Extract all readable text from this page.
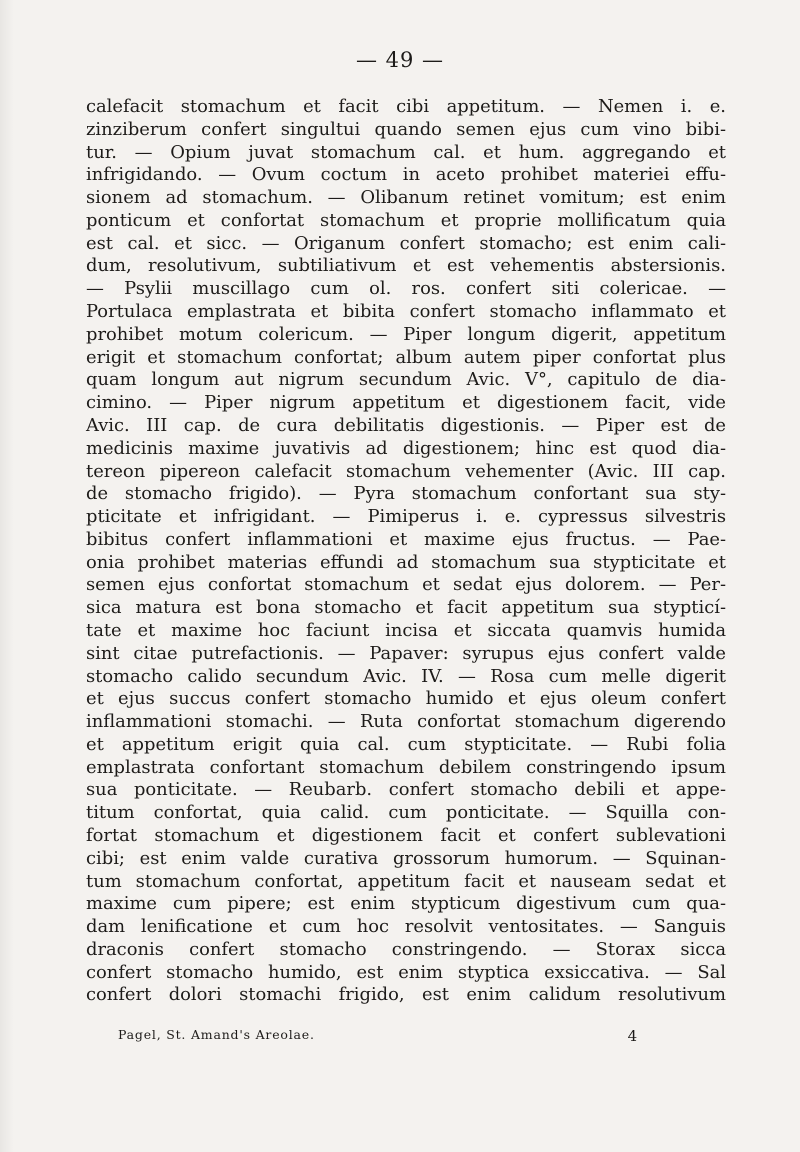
— 49 —
calefacit stomachum et facit cibi appetitum. — Nemen i. e.
zinziberum confert singultui quando semen ejus cum vino bibi-
tur. — Opium juvat stomachum cal. et hum. aggregando et
infrigidando. — Ovum coctum in aceto prohibet materiei effu-
sionem ad stomachum. — Olibanum retinet vomitum; est enim
ponticum et confortat stomachum et proprie mollificatum quia
est cal. et sicc. — Origanum confert stomacho; est enim cali-
dum, resolutivum, subtiliativum et est vehementis abstersionis.
— Psylii muscillago cum ol. ros. confert siti colericae. —
Portulaca emplastrata et bibita confert stomacho inflammato et
prohibet motum colericum. — Piper longum digerit, appetitum
erigit et stomachum confortat; album autem piper confortat plus
quam longum aut nigrum secundum Avic. V°, capitulo de dia-
cimino. — Piper nigrum appetitum et digestionem facit, vide
Avic. III cap. de cura debilitatis digestionis. — Piper est de
medicinis maxime juvativis ad digestionem; hinc est quod dia-
tereon pipereon calefacit stomachum vehementer (Avic. III cap.
de stomacho frigido). — Pyra stomachum confortant sua sty-
pticitate et infrigidant. — Pimiperus i. e. cypressus silvestris
bibitus confert inflammationi et maxime ejus fructus. — Pae-
onia prohibet materias effundi ad stomachum sua stypticitate et
semen ejus confortat stomachum et sedat ejus dolorem. — Per-
sica matura est bona stomacho et facit appetitum sua stypticí-
tate et maxime hoc faciunt incisa et siccata quamvis humida
sint citae putrefactionis. — Papaver: syrupus ejus confert valde
stomacho calido secundum Avic. IV. — Rosa cum melle digerit
et ejus succus confert stomacho humido et ejus oleum confert
inflammationi stomachi. — Ruta confortat stomachum digerendo
et appetitum erigit quia cal. cum stypticitate. — Rubi folia
emplastrata confortant stomachum debilem constringendo ipsum
sua ponticitate. — Reubarb. confert stomacho debili et appe-
titum confortat, quia calid. cum ponticitate. — Squilla con-
fortat stomachum et digestionem facit et confert sublevationi
cibi; est enim valde curativa grossorum humorum. — Squinan-
tum stomachum confortat, appetitum facit et nauseam sedat et
maxime cum pipere; est enim stypticum digestivum cum qua-
dam lenificatione et cum hoc resolvit ventositates. — Sanguis
draconis confert stomacho constringendo. — Storax sicca
confert stomacho humido, est enim styptica exsiccativa. — Sal
confert dolori stomachi frigido, est enim calidum resolutivum
Pagel, St. Amand's Areolae.	4
